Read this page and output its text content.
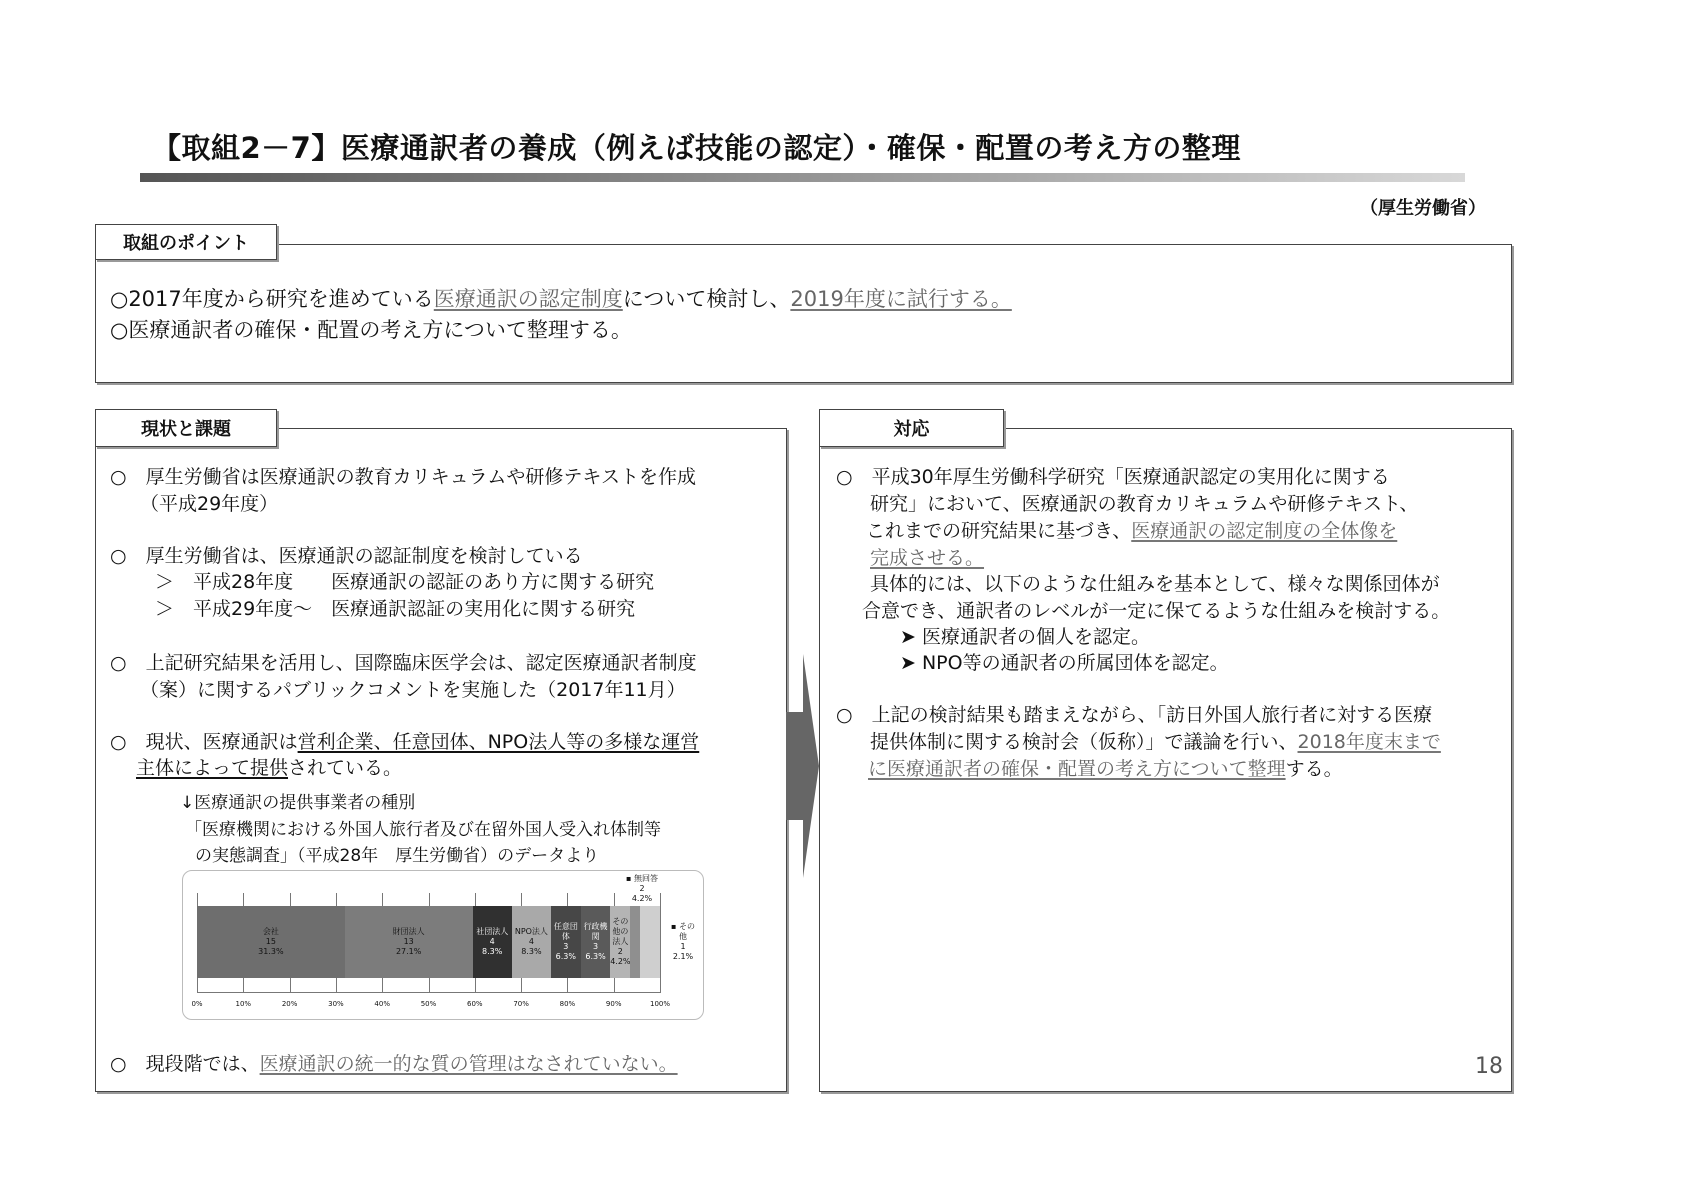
【取組2－7】医療通訳者の養成（例えば技能の認定）・確保・配置の考え方の整理
（厚生労働省）
取組のポイント
○2017年度から研究を進めている医療通訳の認定制度について検討し、2019年度に試行する。
○医療通訳者の確保・配置の考え方について整理する。
現状と課題
○　厚生労働省は医療通訳の教育カリキュラムや研修テキストを作成
（平成29年度）
○　厚生労働省は、医療通訳の認証制度を検討している
＞　平成28年度　　医療通訳の認証のあり方に関する研究
＞　平成29年度～　医療通訳認証の実用化に関する研究
○　上記研究結果を活用し、国際臨床医学会は、認定医療通訳者制度
（案）に関するパブリックコメントを実施した（2017年11月）
○　現状、医療通訳は営利企業、任意団体、NPO法人等の多様な運営
主体によって提供されている。
↓医療通訳の提供事業者の種別
「医療機関における外国人旅行者及び在留外国人受入れ体制等
の実態調査」（平成28年　厚生労働省）のデータより
○　現段階では、医療通訳の統一的な質の管理はなされていない。
0%	10%	20%	30%	40%	50%	60%	70%	80%	90%	100%
会社
15
31.3%
財団法人
13
27.1%
社団法人
4
8.3%
NPO法人
4
8.3%
任意団体
3
6.3%
行政機関
3
6.3%
その他の法人
2
4.2%
▪ その他
1
2.1%
▪ 無回答
2
4.2%
対応
○　平成30年厚生労働科学研究「医療通訳認定の実用化に関する
研究」において、医療通訳の教育カリキュラムや研修テキスト、
これまでの研究結果に基づき、医療通訳の認定制度の全体像を
完成させる。
具体的には、以下のような仕組みを基本として、様々な関係団体が
合意でき、通訳者のレベルが一定に保てるような仕組みを検討する。
➤ 医療通訳者の個人を認定。
➤ NPO等の通訳者の所属団体を認定。
○　上記の検討結果も踏まえながら、「訪日外国人旅行者に対する医療
提供体制に関する検討会（仮称）」で議論を行い、2018年度末まで
に医療通訳者の確保・配置の考え方について整理する。
18
